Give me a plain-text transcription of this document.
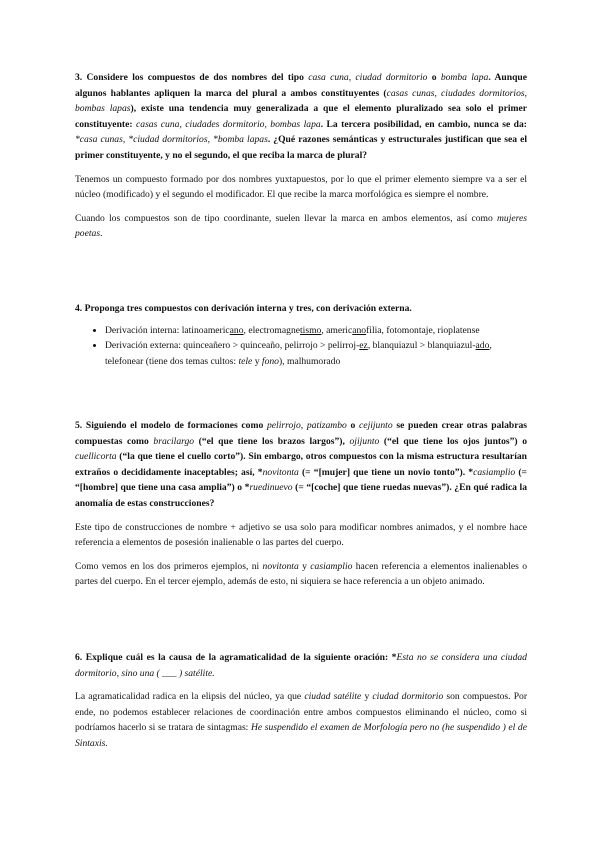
3. Considere los compuestos de dos nombres del tipo casa cuna, ciudad dormitorio o bomba lapa. Aunque algunos hablantes apliquen la marca del plural a ambos constituyentes (casas cunas, ciudades dormitorios, bombas lapas), existe una tendencia muy generalizada a que el elemento pluralizado sea solo el primer constituyente: casas cuna, ciudades dormitorio, bombas lapa. La tercera posibilidad, en cambio, nunca se da: *casa cunas, *ciudad dormitorios, *bomba lapas. ¿Qué razones semánticas y estructurales justifican que sea el primer constituyente, y no el segundo, el que reciba la marca de plural?

Tenemos un compuesto formado por dos nombres yuxtapuestos, por lo que el primer elemento siempre va a ser el núcleo (modificado) y el segundo el modificador. El que recibe la marca morfológica es siempre el nombre.

Cuando los compuestos son de tipo coordinante, suelen llevar la marca en ambos elementos, así como mujeres poetas.

4. Proponga tres compuestos con derivación interna y tres, con derivación externa.

• Derivación interna: latinoamericano, electromagnetismo, americanofilia, fotomontaje, rioplatense
• Derivación externa: quinceañero > quinceaño, pelirrojo > pelirroj-ez, blanquiazul > blanquiazul-ado, telefonear (tiene dos temas cultos: tele y fono), malhumorado

5. Siguiendo el modelo de formaciones como pelirrojo, patizambo o cejijunto se pueden crear otras palabras compuestas como bracilargo (“el que tiene los brazos largos”), ojijunto (“el que tiene los ojos juntos”) o cuellicorta (“la que tiene el cuello corto”). Sin embargo, otros compuestos con la misma estructura resultarían extraños o decididamente inaceptables; así, *novitonta (= “[mujer] que tiene un novio tonto”). *casiamplio (= “[hombre] que tiene una casa amplia”) o *ruedinuevo (= “[coche] que tiene ruedas nuevas”). ¿En qué radica la anomalía de estas construcciones?

Este tipo de construcciones de nombre + adjetivo se usa solo para modificar nombres animados, y el nombre hace referencia a elementos de posesión inalienable o las partes del cuerpo.

Como vemos en los dos primeros ejemplos, ni novitonta y casiamplio hacen referencia a elementos inalienables o partes del cuerpo. En el tercer ejemplo, además de esto, ni siquiera se hace referencia a un objeto animado.

6. Explique cuál es la causa de la agramaticalidad de la siguiente oración: *Esta no se considera una ciudad dormitorio, sino una ( ___ ) satélite.

La agramaticalidad radica en la elipsis del núcleo, ya que ciudad satélite y ciudad dormitorio son compuestos. Por ende, no podemos establecer relaciones de coordinación entre ambos compuestos eliminando el núcleo, como si podríamos hacerlo si se tratara de sintagmas: He suspendido el examen de Morfología pero no (he suspendido ) el de Sintaxis.
